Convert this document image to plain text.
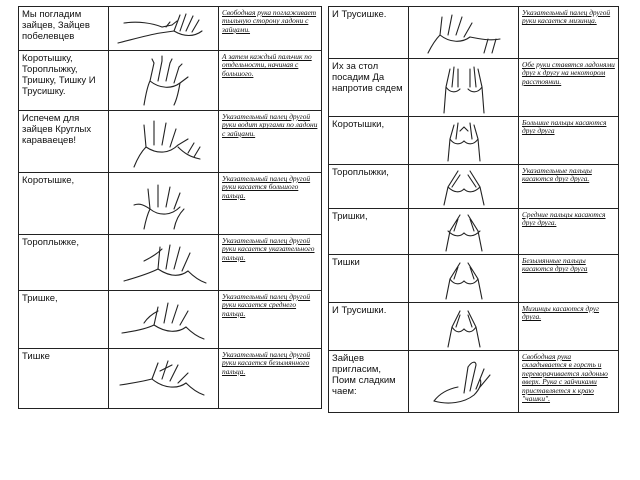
Мы погладим зайцев, Зайцев побелевцев		Свободная рука поглаживает тыльную сторону ладони с зайцами.
Коротышку, Тороплыжку, Тришку, Тишку И Трусишку.		А затем каждый пальчик по отдельности, начиная с большого.
Испечем для зайцев Круглых караваецев!		Указательный палец другой руки водит кругами по ладони с зайцами.
Коротышке,		Указательный палец другой руки касается большого пальца.
Тороплыжке,		Указательный палец другой руки касается указательного пальца.
Тришке,		Указательный палец другой руки касается среднего пальца.
Тишке		Указательный палец другой руки касается безымянного пальца.
И Трусишке.		Указательный палец другой руки касается мизинца.
Их за стол посадим Да напротив сядем		Обе руки ставятся ладонями друг к другу на некотором расстоянии.
Коротышки,		Большие пальцы касаются друг друга
Тороплыжки,		Указательные пальцы касаются друг друга.
Тришки,		Средние пальцы касаются друг друга.
Тишки		Безымянные пальцы касаются друг друга
И Трусишки.		Мизинцы касаются друг друга.
Зайцев пригласим, Поим сладким чаем:		Свободная рука складывается в горсть и переворачивается ладонью вверх. Рука с зайчиками приставляется к краю "чашки".
